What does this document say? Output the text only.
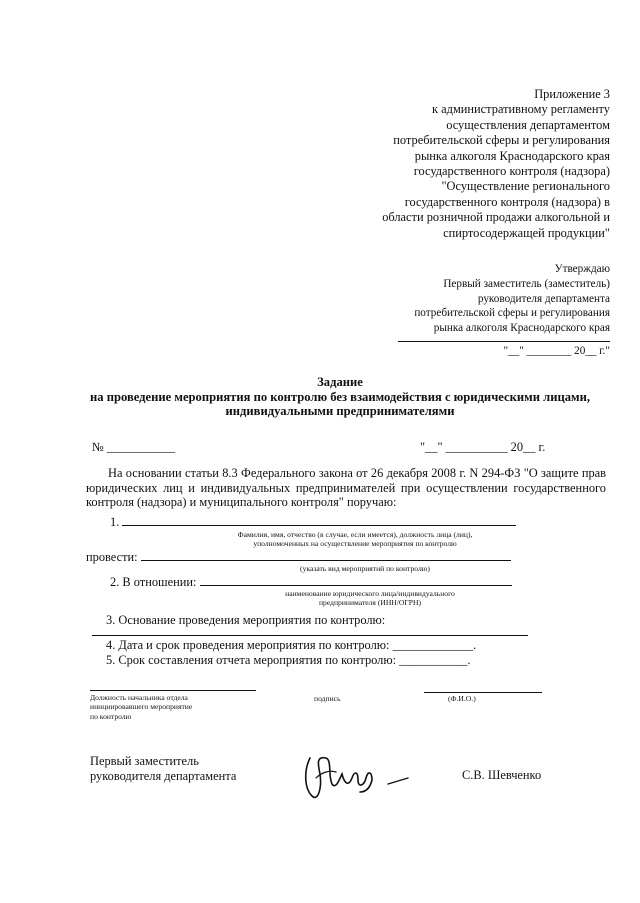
Приложение 3
к административному регламенту
осуществления департаментом
потребительской сферы и регулирования
рынка алкоголя Краснодарского края
государственного контроля (надзора)
"Осуществление регионального
государственного контроля (надзора) в
области розничной продажи алкогольной и
спиртосодержащей продукции"
Утверждаю
Первый заместитель (заместитель)
руководителя департамента
потребительской сферы и регулирования
рынка алкоголя Краснодарского края
"__" ________ 20__ г."
Задание
на проведение мероприятия по контролю без взаимодействия с юридическими лицами,
индивидуальными предпринимателями
№ ___________	"__" __________ 20__ г.
На основании статьи 8.3 Федерального закона от 26 декабря 2008 г. N 294-ФЗ "О защите прав юридических лиц и индивидуальных предпринимателей при осуществлении государственного контроля (надзора) и муниципального контроля" поручаю:
1.
Фамилия, имя, отчество (в случае, если имеется), должность лица (лиц),
уполномоченных на осуществление мероприятия по контролю
провести:
(указать вид мероприятий по контролю)
2. В отношении:
наименование юридического лица/индивидуального
предпринимателя (ИНН/ОГРН)
3. Основание проведения мероприятия по контролю:
4. Дата и срок проведения мероприятия по контролю: _____________.
5. Срок составления отчета мероприятия по контролю: ___________.
Должность начальника отдела
инициировавшего мероприятие
по контролю
подпись	(Ф.И.О.)
Первый заместитель
руководителя департамента	С.В. Шевченко
